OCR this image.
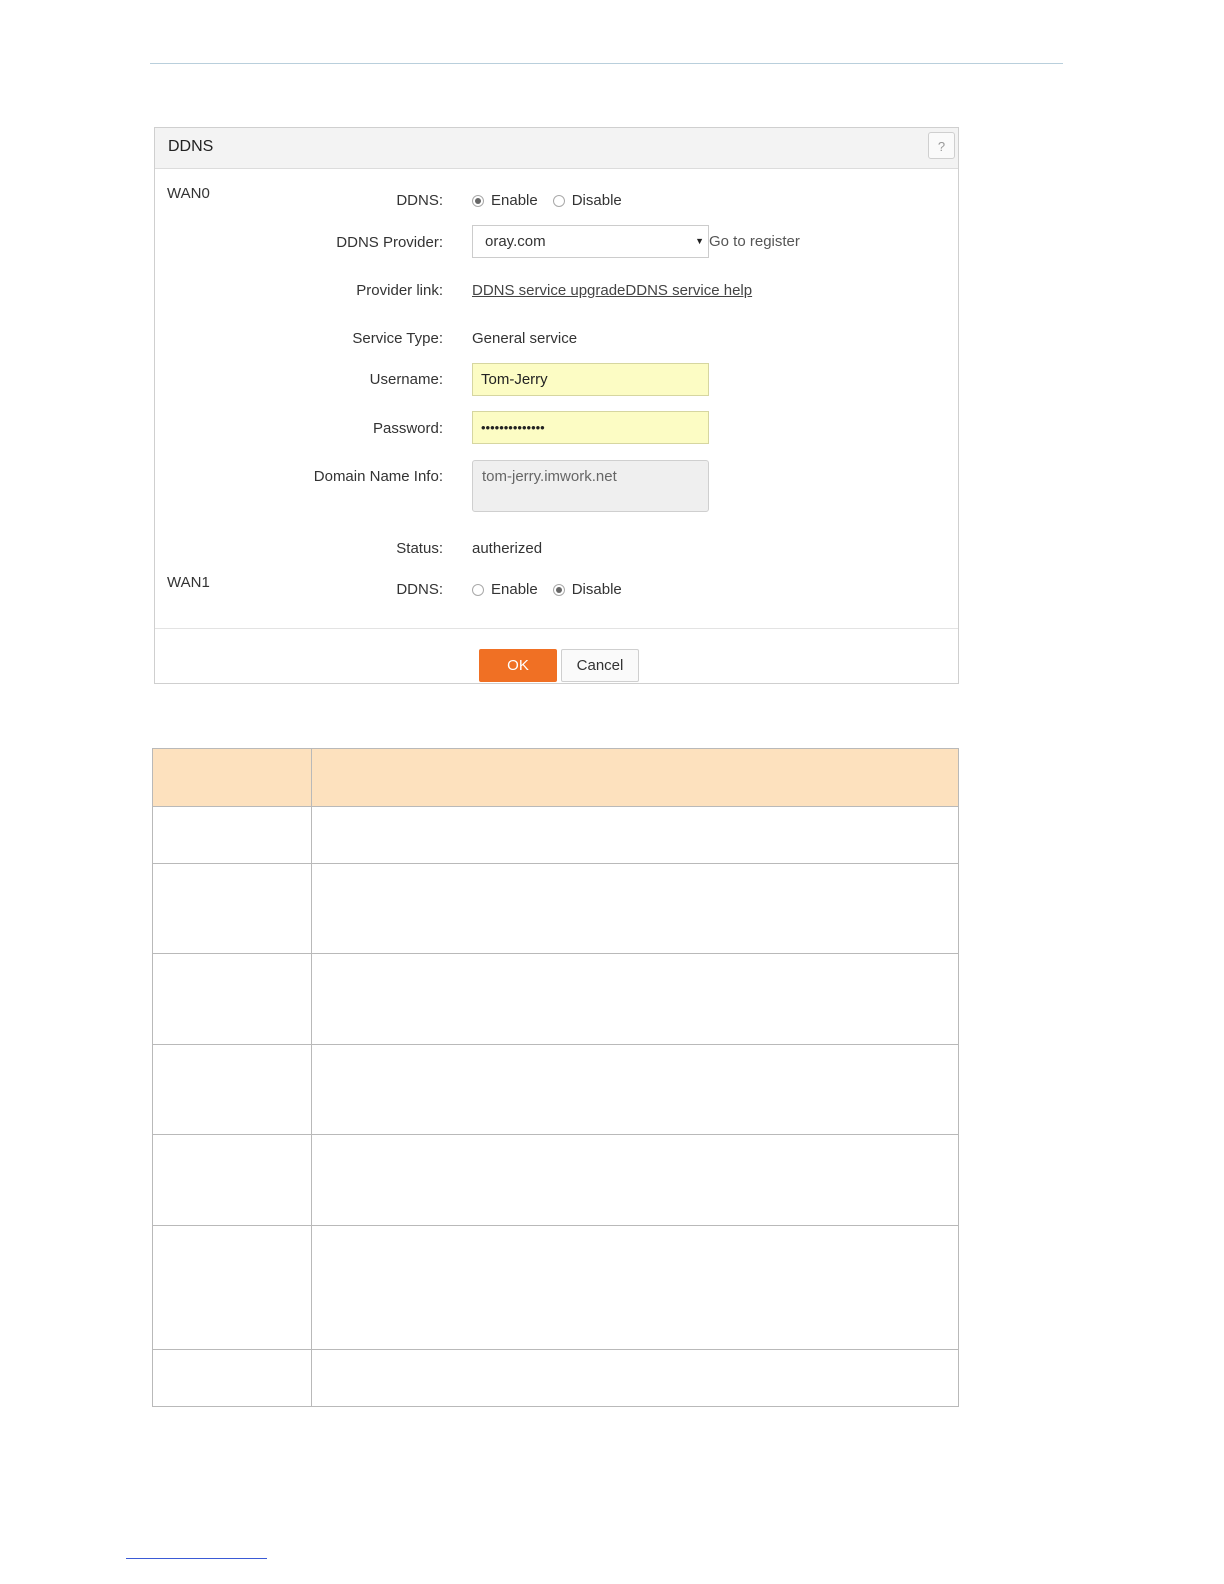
DDNS	?
WAN0	DDNS:	Enable Disable
DDNS Provider:	oray.com	▼ Go to register
Provider link: DDNS service upgradeDDNS service help
Service Type: General service
Username:	Tom-Jerry
Password:	••••••••••••••
Domain Name Info:	tom-jerry.imwork.net
Status: autherized
WAN1	DDNS:	Enable Disable
OK	Cancel
